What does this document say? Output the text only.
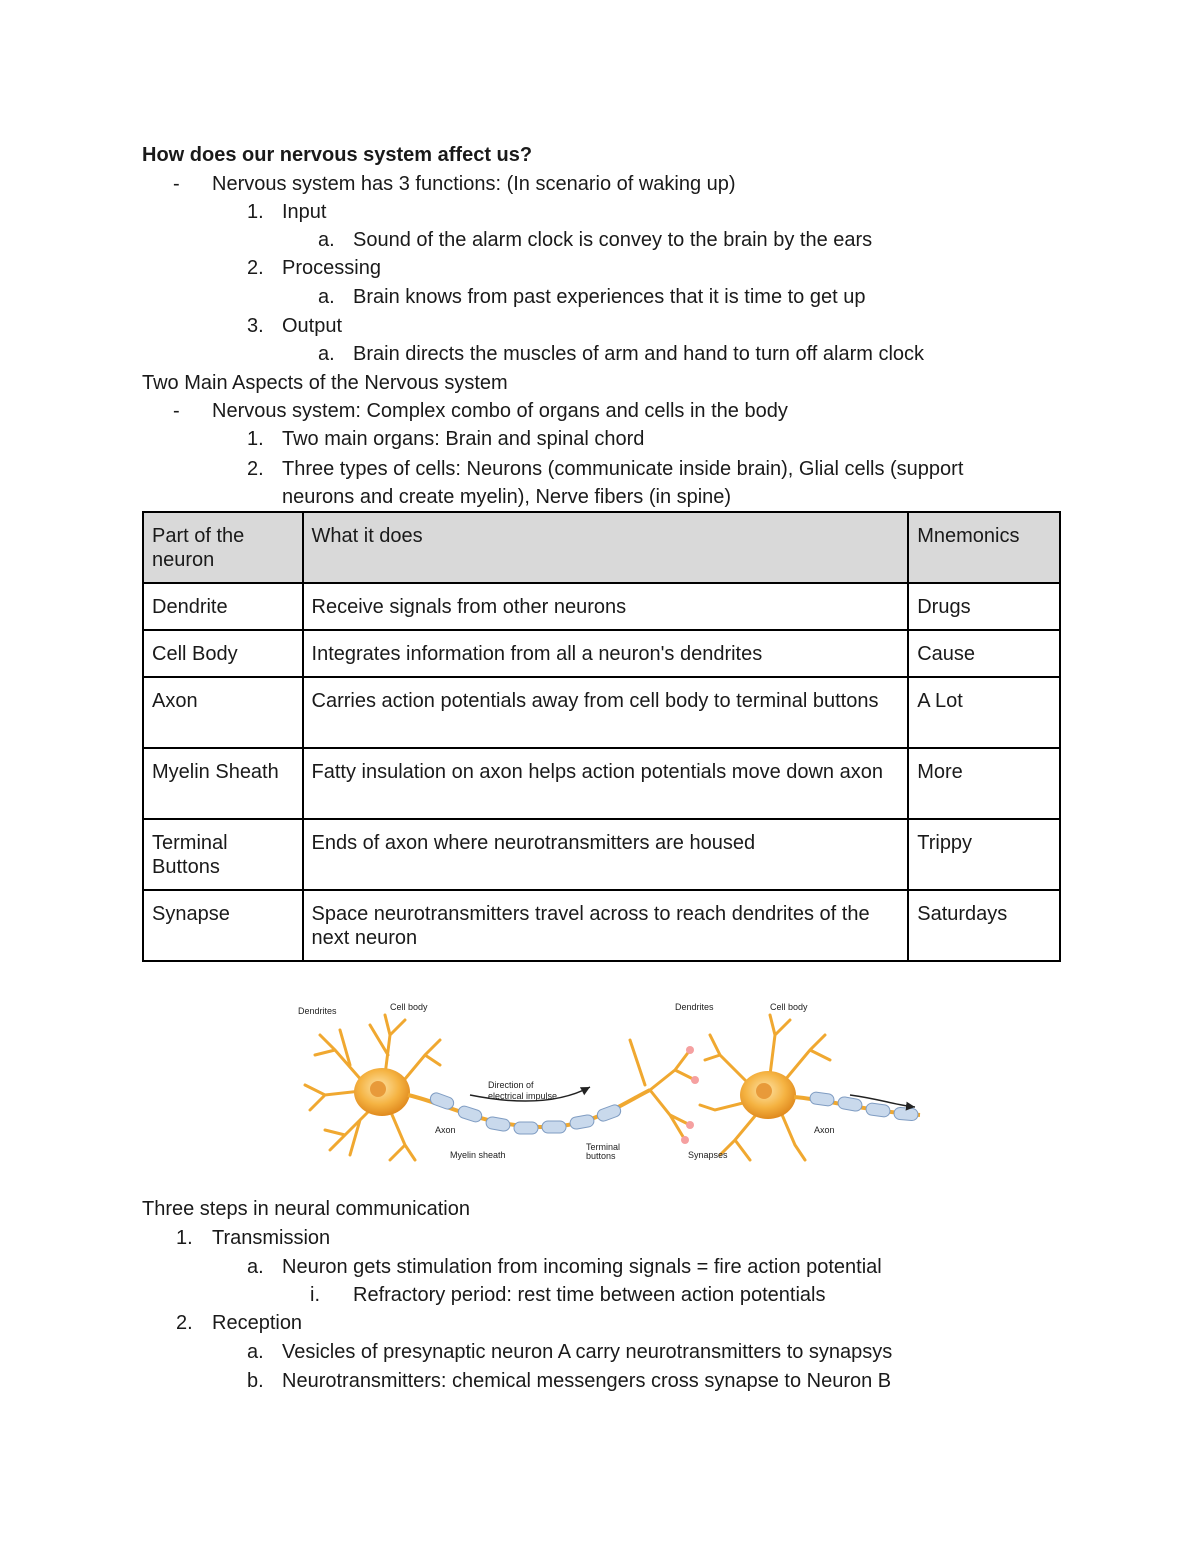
How does our nervous system affect us?
- Nervous system has 3 functions: (In scenario of waking up)
1. Input
a. Sound of the alarm clock is convey to the brain by the ears
2. Processing
a. Brain knows from past experiences that it is time to get up
3. Output
a. Brain directs the muscles of arm and hand to turn off alarm clock
Two Main Aspects of the Nervous system
- Nervous system: Complex combo of organs and cells in the body
1. Two main organs: Brain and spinal chord
2. Three types of cells: Neurons (communicate inside brain), Glial cells (support
neurons and create myelin), Nerve fibers (in spine)
Part of the neuron	What it does	Mnemonics
Dendrite	Receive signals from other neurons	Drugs
Cell Body	Integrates information from all a neuron's dendrites	Cause
Axon	Carries action potentials away from cell body to terminal buttons	A Lot
Myelin Sheath	Fatty insulation on axon helps action potentials move down axon	More
Terminal Buttons	Ends of axon where neurotransmitters are housed	Trippy
Synapse	Space neurotransmitters travel across to reach dendrites of the next neuron	Saturdays
Dendrites	Cell body
Direction of
electrical impulse
Axon
Myelin sheath
Terminal
buttons
Dendrites	Cell body
Synapses
Axon
Three steps in neural communication
1. Transmission
a. Neuron gets stimulation from incoming signals = fire action potential
i. Refractory period: rest time between action potentials
2. Reception
a. Vesicles of presynaptic neuron A carry neurotransmitters to synapsys
b. Neurotransmitters: chemical messengers cross synapse to Neuron B
